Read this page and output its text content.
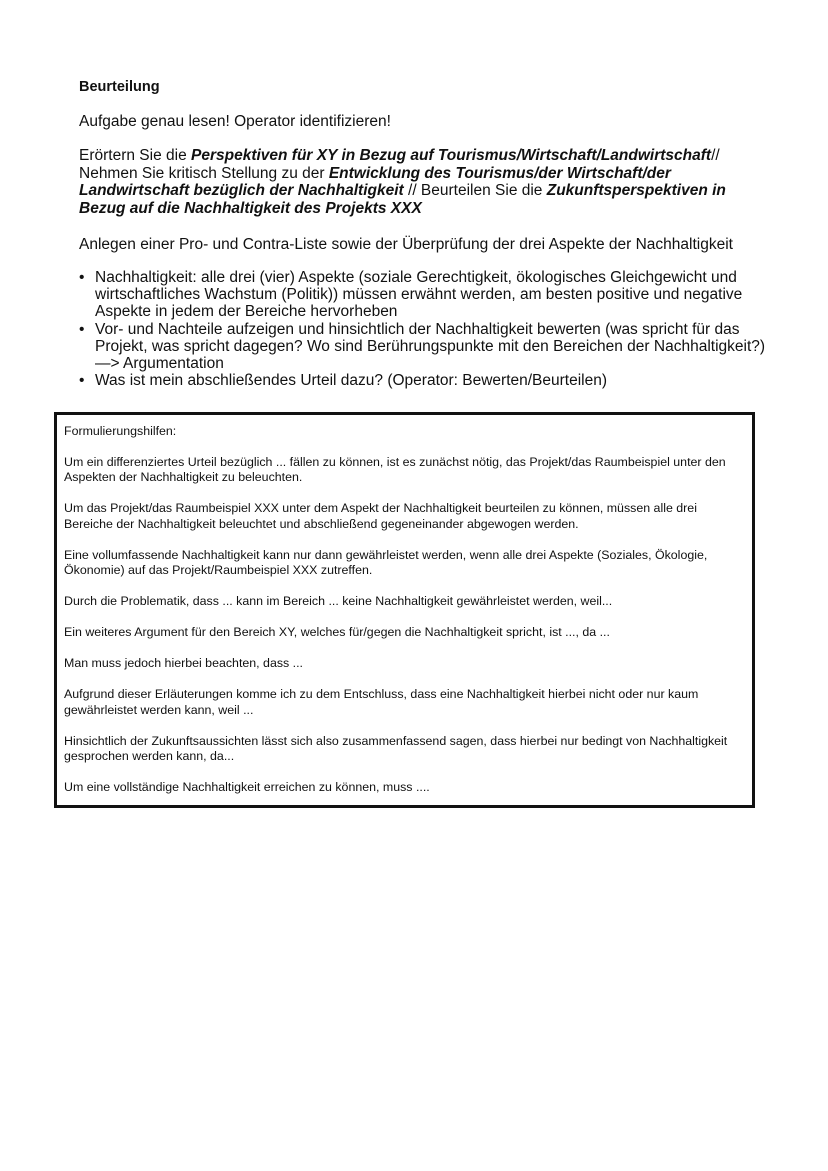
Beurteilung

Aufgabe genau lesen! Operator identifizieren!

Erörtern Sie die Perspektiven für XY in Bezug auf Tourismus/Wirtschaft/Landwirtschaft// Nehmen Sie kritisch Stellung zu der Entwicklung des Tourismus/der Wirtschaft/der Landwirtschaft bezüglich der Nachhaltigkeit // Beurteilen Sie die Zukunftsperspektiven in Bezug auf die Nachhaltigkeit des Projekts XXX

Anlegen einer Pro- und Contra-Liste sowie der Überprüfung der drei Aspekte der Nachhaltigkeit

• Nachhaltigkeit: alle drei (vier) Aspekte (soziale Gerechtigkeit, ökologisches Gleichgewicht und wirtschaftliches Wachstum (Politik)) müssen erwähnt werden, am besten positive und negative Aspekte in jedem der Bereiche hervorheben
• Vor- und Nachteile aufzeigen und hinsichtlich der Nachhaltigkeit bewerten (was spricht für das Projekt, was spricht dagegen? Wo sind Berührungspunkte mit den Bereichen der Nachhaltigkeit?) —> Argumentation
• Was ist mein abschließendes Urteil dazu? (Operator: Bewerten/Beurteilen)

Formulierungshilfen:

Um ein differenziertes Urteil bezüglich ... fällen zu können, ist es zunächst nötig, das Projekt/das Raumbeispiel unter den Aspekten der Nachhaltigkeit zu beleuchten.

Um das Projekt/das Raumbeispiel XXX unter dem Aspekt der Nachhaltigkeit beurteilen zu können, müssen alle drei Bereiche der Nachhaltigkeit beleuchtet und abschließend gegeneinander abgewogen werden.

Eine vollumfassende Nachhaltigkeit kann nur dann gewährleistet werden, wenn alle drei Aspekte (Soziales, Ökologie, Ökonomie) auf das Projekt/Raumbeispiel XXX zutreffen.

Durch die Problematik, dass ... kann im Bereich ... keine Nachhaltigkeit gewährleistet werden, weil...

Ein weiteres Argument für den Bereich XY, welches für/gegen die Nachhaltigkeit spricht, ist ..., da ...

Man muss jedoch hierbei beachten, dass ...

Aufgrund dieser Erläuterungen komme ich zu dem Entschluss, dass eine Nachhaltigkeit hierbei nicht oder nur kaum gewährleistet werden kann, weil ...

Hinsichtlich der Zukunftsaussichten lässt sich also zusammenfassend sagen, dass hierbei nur bedingt von Nachhaltigkeit gesprochen werden kann, da...

Um eine vollständige Nachhaltigkeit erreichen zu können, muss ....
